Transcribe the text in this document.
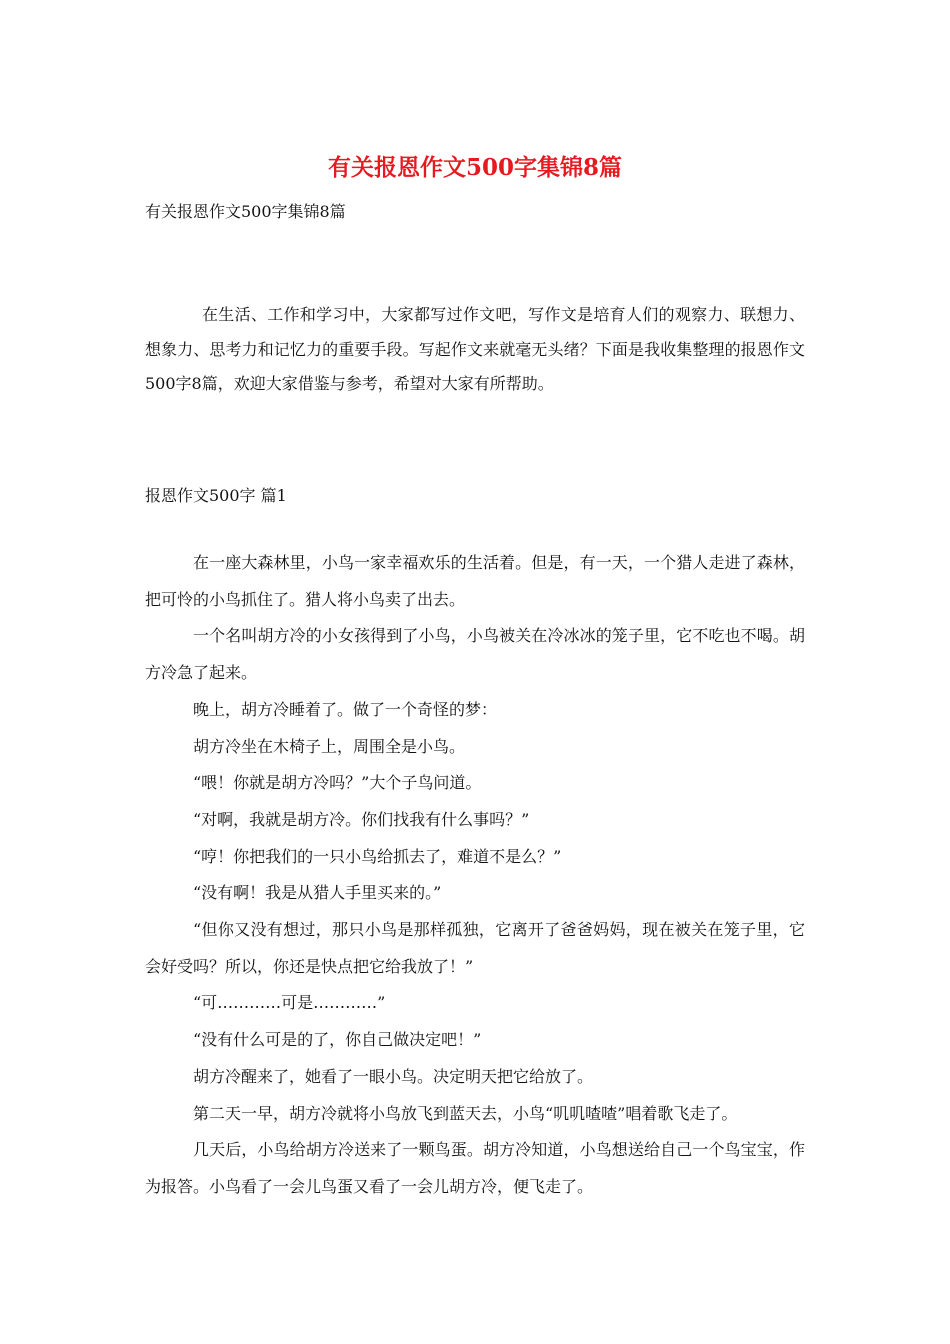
有关报恩作文500字集锦8篇
有关报恩作文500字集锦8篇

在生活、工作和学习中，大家都写过作文吧，写作文是培育人们的观察力、联想力、想象力、思考力和记忆力的重要手段。写起作文来就毫无头绪？下面是我收集整理的报恩作文500字8篇，欢迎大家借鉴与参考，希望对大家有所帮助。

报恩作文500字 篇1

在一座大森林里，小鸟一家幸福欢乐的生活着。但是，有一天，一个猎人走进了森林，把可怜的小鸟抓住了。猎人将小鸟卖了出去。

一个名叫胡方冷的小女孩得到了小鸟，小鸟被关在冷冰冰的笼子里，它不吃也不喝。胡方冷急了起来。

晚上，胡方冷睡着了。做了一个奇怪的梦：

胡方冷坐在木椅子上，周围全是小鸟。

“喂！你就是胡方冷吗？”大个子鸟问道。

“对啊，我就是胡方冷。你们找我有什么事吗？”

“哼！你把我们的一只小鸟给抓去了，难道不是么？”

“没有啊！我是从猎人手里买来的。”

“但你又没有想过，那只小鸟是那样孤独，它离开了爸爸妈妈，现在被关在笼子里，它会好受吗？所以，你还是快点把它给我放了！”

“可…………可是…………”

“没有什么可是的了，你自己做决定吧！”

胡方冷醒来了，她看了一眼小鸟。决定明天把它给放了。

第二天一早，胡方冷就将小鸟放飞到蓝天去，小鸟“叽叽喳喳”唱着歌飞走了。

几天后，小鸟给胡方冷送来了一颗鸟蛋。胡方冷知道，小鸟想送给自己一个鸟宝宝，作为报答。小鸟看了一会儿鸟蛋又看了一会儿胡方冷，便飞走了。
